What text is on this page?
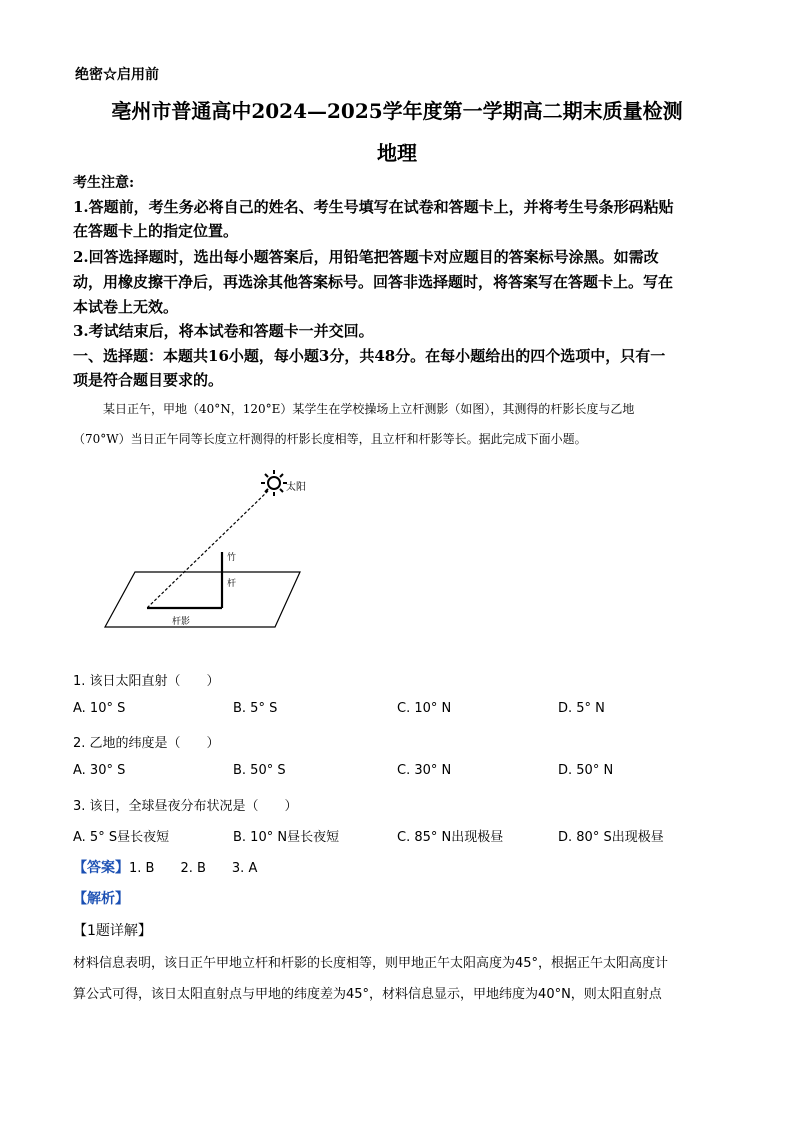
绝密☆启用前
亳州市普通高中2024—2025学年度第一学期高二期末质量检测
地理
考生注意:
1.答题前，考生务必将自己的姓名、考生号填写在试卷和答题卡上，并将考生号条形码粘贴
在答题卡上的指定位置。
2.回答选择题时，选出每小题答案后，用铅笔把答题卡对应题目的答案标号涂黑。如需改
动，用橡皮擦干净后，再选涂其他答案标号。回答非选择题时，将答案写在答题卡上。写在
本试卷上无效。
3.考试结束后，将本试卷和答题卡一并交回。
一、选择题：本题共16小题，每小题3分，共48分。在每小题给出的四个选项中，只有一
项是符合题目要求的。
某日正午，甲地（40°N，120°E）某学生在学校操场上立杆测影（如图），其测得的杆影长度与乙地
（70°W）当日正午同等长度立杆测得的杆影长度相等，且立杆和杆影等长。据此完成下面小题。
太阳
竹
杆
杆影
1. 该日太阳直射（　　）
A. 10° S	B. 5° S	C. 10° N	D. 5° N
2. 乙地的纬度是（　　）
A. 30° S	B. 50° S	C. 30° N	D. 50° N
3. 该日，全球昼夜分布状况是（　　）
A. 5° S昼长夜短	B. 10° N昼长夜短	C. 85° N出现极昼	D. 80° S出现极昼
【答案】1. B　　2. B　　3. A
【解析】
【1题详解】
材料信息表明，该日正午甲地立杆和杆影的长度相等，则甲地正午太阳高度为45°，根据正午太阳高度计
算公式可得，该日太阳直射点与甲地的纬度差为45°，材料信息显示，甲地纬度为40°N，则太阳直射点
